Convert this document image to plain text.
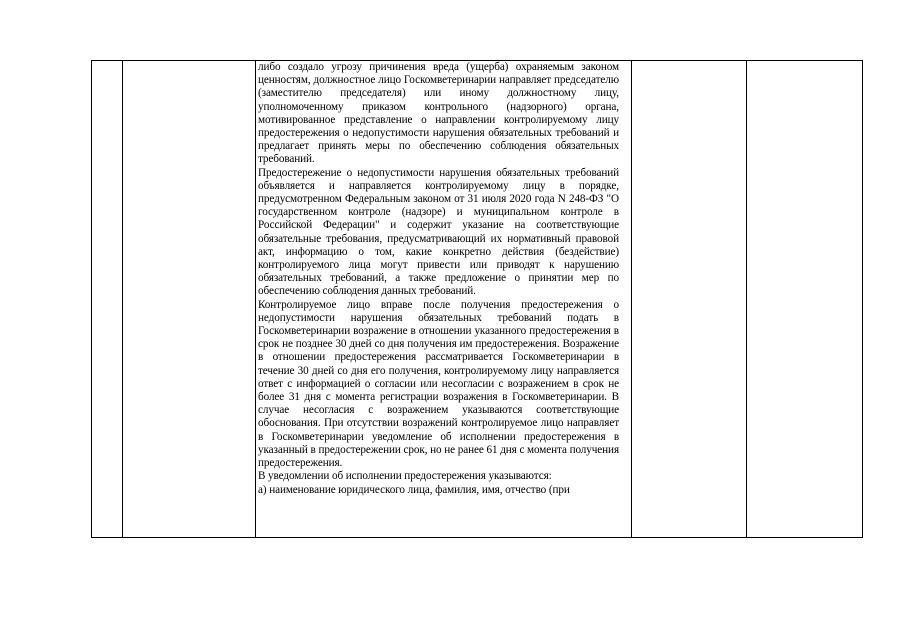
либо создало угрозу причинения вреда (ущерба) охраняемым законом ценностям, должностное лицо Госкомветеринарии направляет председателю (заместителю председателя) или иному должностному лицу, уполномоченному приказом контрольного (надзорного) органа, мотивированное представление о направлении контролируемому лицу предостережения о недопустимости нарушения обязательных требований и предлагает принять меры по обеспечению соблюдения обязательных требований.

Предостережение о недопустимости нарушения обязательных требований объявляется и направляется контролируемому лицу в порядке, предусмотренном Федеральным законом от 31 июля 2020 года N 248-ФЗ "О государственном контроле (надзоре) и муниципальном контроле в Российской Федерации" и содержит указание на соответствующие обязательные требования, предусматривающий их нормативный правовой акт, информацию о том, какие конкретно действия (бездействие) контролируемого лица могут привести или приводят к нарушению обязательных требований, а также предложение о принятии мер по обеспечению соблюдения данных требований.

Контролируемое лицо вправе после получения предостережения о недопустимости нарушения обязательных требований подать в Госкомветеринарии возражение в отношении указанного предостережения в срок не позднее 30 дней со дня получения им предостережения. Возражение в отношении предостережения рассматривается Госкомветеринарии в течение 30 дней со дня его получения, контролируемому лицу направляется ответ с информацией о согласии или несогласии с возражением в срок не более 31 дня с момента регистрации возражения в Госкомветеринарии. В случае несогласия с возражением указываются соответствующие обоснования. При отсутствии возражений контролируемое лицо направляет в Госкомветеринарии уведомление об исполнении предостережения в указанный в предостережении срок, но не ранее 61 дня с момента получения предостережения.

В уведомлении об исполнении предостережения указываются:

а) наименование юридического лица, фамилия, имя, отчество (при
